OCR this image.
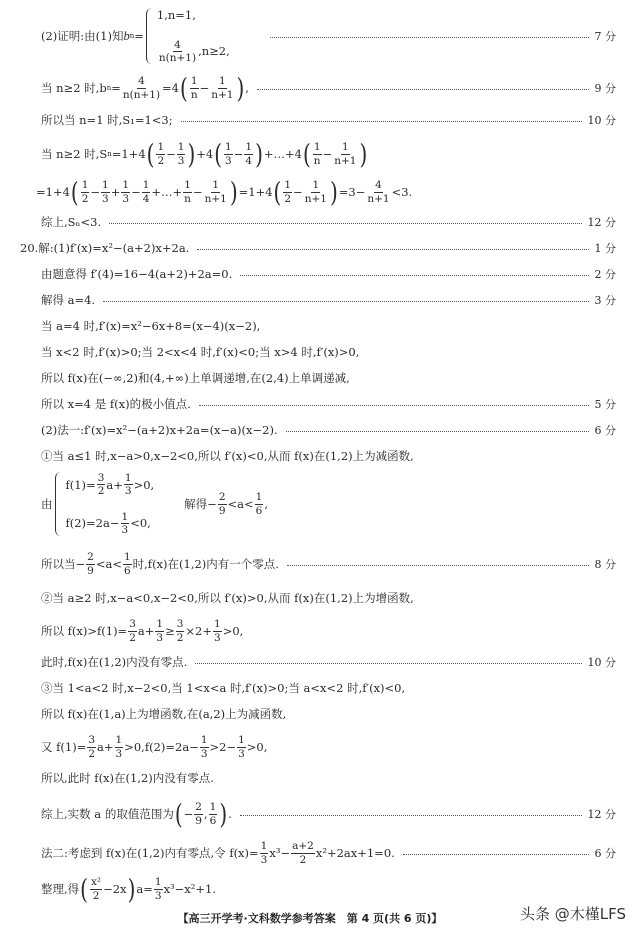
(2)证明:由(1)知 b n =
1,n=1,
$\frac{4}{n(n+1)} ,n\ge 2$,
7 分
当 n≥2 时,b $n = \frac{4}{n(n+1)} =4$ ( $\frac{1}{n} - \frac{1}{n+1}$ ) ,	9 分
所以当 n=1 时,S₁=1<3;	10 分
当 n≥2 时,S n =1+4 ( $\frac{1}{2} - \frac{1}{3}$ ) +4 ( $\frac{1}{3} - \frac{1}{4}$ ) +…+4 ( $\frac{1}{n} - \frac{1}{n+1}$ )
=1+4 ( $\frac{1}{2} - \frac{1}{3} + \frac{1}{3} - \frac{1}{4}$ +…+ $\frac{1}{n} - \frac{1}{n+1}$ ) =1+4 ( $\frac{1}{2} - \frac{1}{n+1}$ ) $=3- \frac{4}{n+1} <3$.
综上,Sₙ<3.	12 分
20.解:(1)f′(x)=x²−(a+2)x+2a.	1 分
由题意得 f′(4)=16−4(a+2)+2a=0.	2 分
解得 a=4.	3 分
当 a=4 时,f′(x)=x²−6x+8=(x−4)(x−2),
当 x<2 时,f′(x)>0;当 2<x<4 时,f′(x)<0;当 x>4 时,f′(x)>0,
所以 f(x)在(−∞,2)和(4,+∞)上单调递增,在(2,4)上单调递减,
所以 x=4 是 f(x)的极小值点.	5 分
(2)法一:f′(x)=x²−(a+2)x+2a=(x−a)(x−2).	6 分
①当 a≤1 时,x−a>0,x−2<0,所以 f′(x)<0,从而 f(x)在(1,2)上为减函数,
由
$f(1)= \frac{3}{2} a+ \frac{1}{3} >0$,
$f(2)=2a- \frac{1}{3} <0$,
解得− $\frac{2}{9} <a< \frac{1}{6}$ ,
所以当− $\frac{2}{9} <a< \frac{1}{6}$ 时,f(x)在(1,2)内有一个零点.	8 分
②当 a≥2 时,x−a<0,x−2<0,所以 f′(x)>0,从而 f(x)在(1,2)上为增函数,
所以 $f(x)>f(1)= \frac{3}{2} a+ \frac{1}{3} \ge \frac{3}{2} \times 2+ \frac{1}{3} >0$,
此时,f(x)在(1,2)内没有零点.	10 分
③当 1<a<2 时,x−2<0,当 1<x<a 时,f′(x)>0;当 a<x<2 时,f′(x)<0,
所以 f(x)在(1,a)上为增函数,在(a,2)上为减函数,
又 $f(1)= \frac{3}{2} a+ \frac{1}{3} >0,f(2)=2a- \frac{1}{3} >2- \frac{1}{3} >0$,
所以,此时 f(x)在(1,2)内没有零点.
综上,实数 a 的取值范围为 ( − $\frac{2}{9}$ , $\frac{1}{6}$ ) .	12 分
法二:考虑到 f(x)在(1,2)内有零点,令 $f(x)= \frac{1}{3} x^3- \frac{a+2}{2} x^2+2ax+1=0$.	6 分
整理,得 ( $\frac{\text{x²}}{2} -2x$ ) $a= \frac{1}{3} x^3-x^2+1$.
【高三开学考·文科数学参考答案　第 4 页(共 6 页)】	头条 @木槿LFS
